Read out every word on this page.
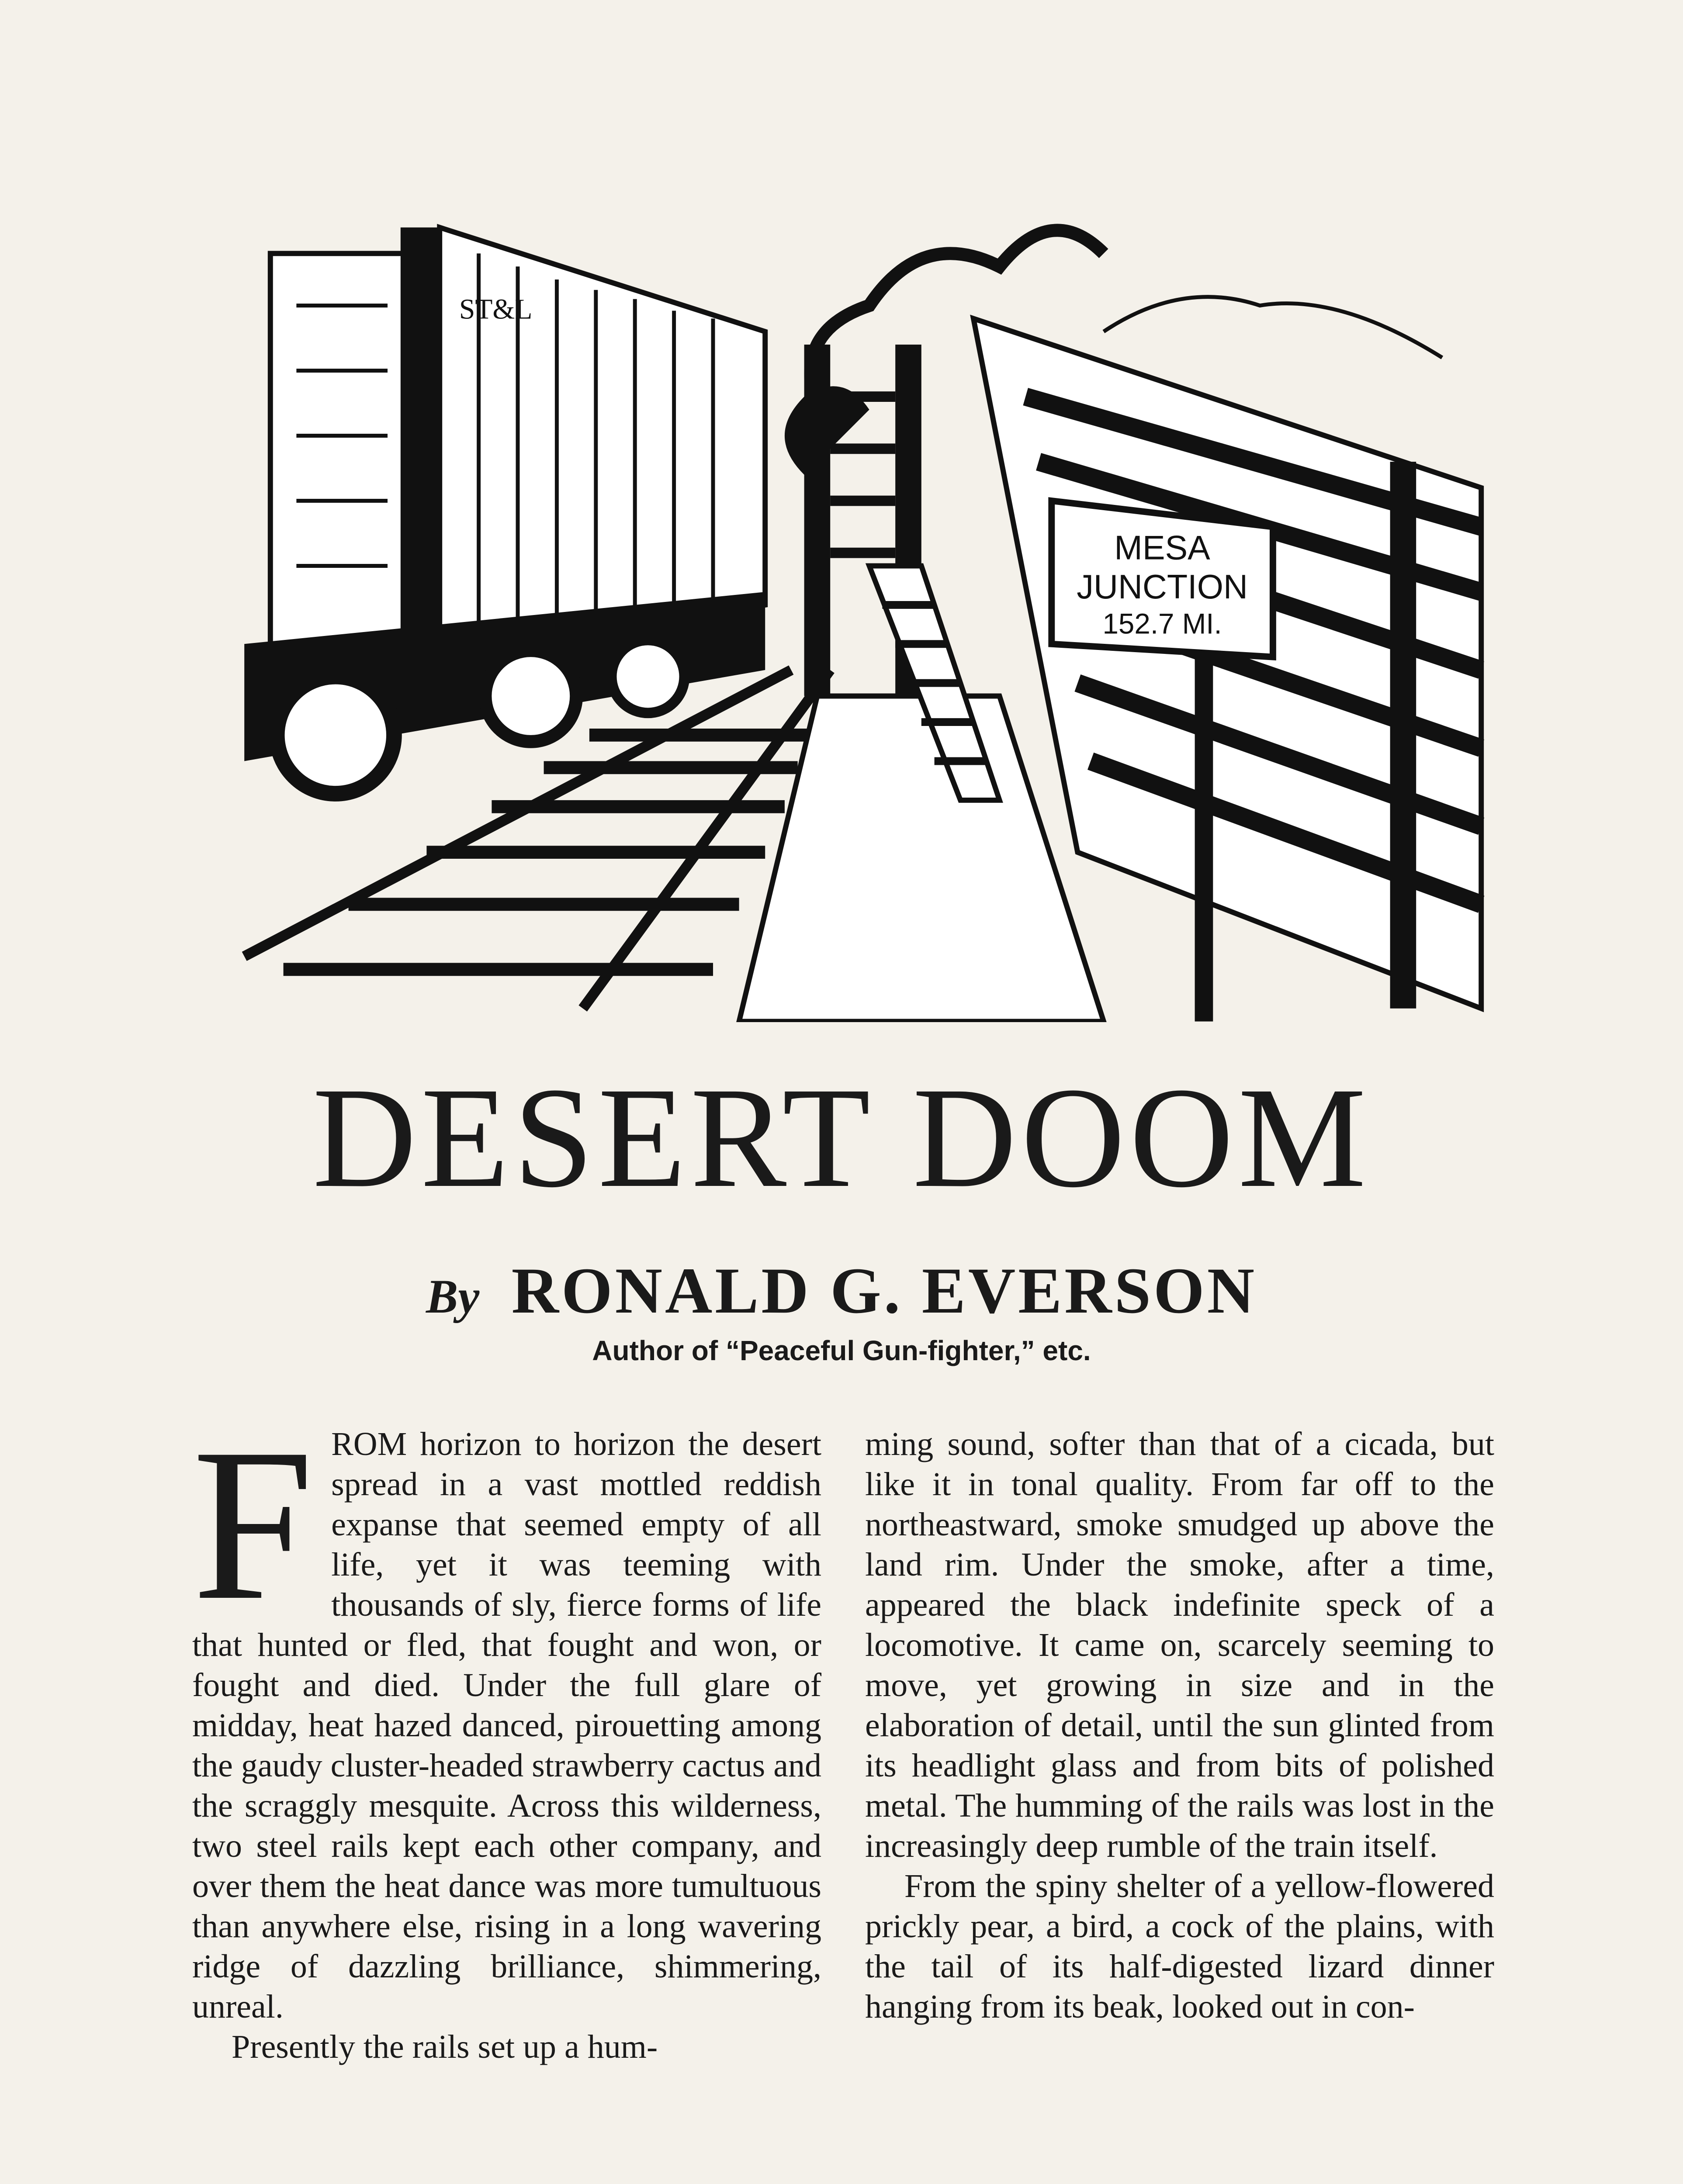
ST&L
MESA
JUNCTION
152.7 MI.
DESERT DOOM
By RONALD G. EVERSON
Author of “Peaceful Gun-fighter,” etc.

FROM horizon to horizon the desert spread in a vast mottled reddish expanse that seemed empty of all life, yet it was teeming with thousands of sly, fierce forms of life that hunted or fled, that fought and won, or fought and died. Under the full glare of midday, heat hazed danced, pirouetting among the gaudy cluster-headed strawberry cactus and the scraggly mesquite. Across this wilderness, two steel rails kept each other company, and over them the heat dance was more tumultuous than anywhere else, rising in a long wavering ridge of dazzling brilliance, shimmering, unreal.

Presently the rails set up a hum-

ming sound, softer than that of a cicada, but like it in tonal quality. From far off to the northeastward, smoke smudged up above the land rim. Under the smoke, after a time, appeared the black indefinite speck of a locomotive. It came on, scarcely seeming to move, yet growing in size and in the elaboration of detail, until the sun glinted from its headlight glass and from bits of polished metal. The humming of the rails was lost in the increasingly deep rumble of the train itself.

From the spiny shelter of a yellow-flowered prickly pear, a bird, a cock of the plains, with the tail of its half-digested lizard dinner hanging from its beak, looked out in con-
